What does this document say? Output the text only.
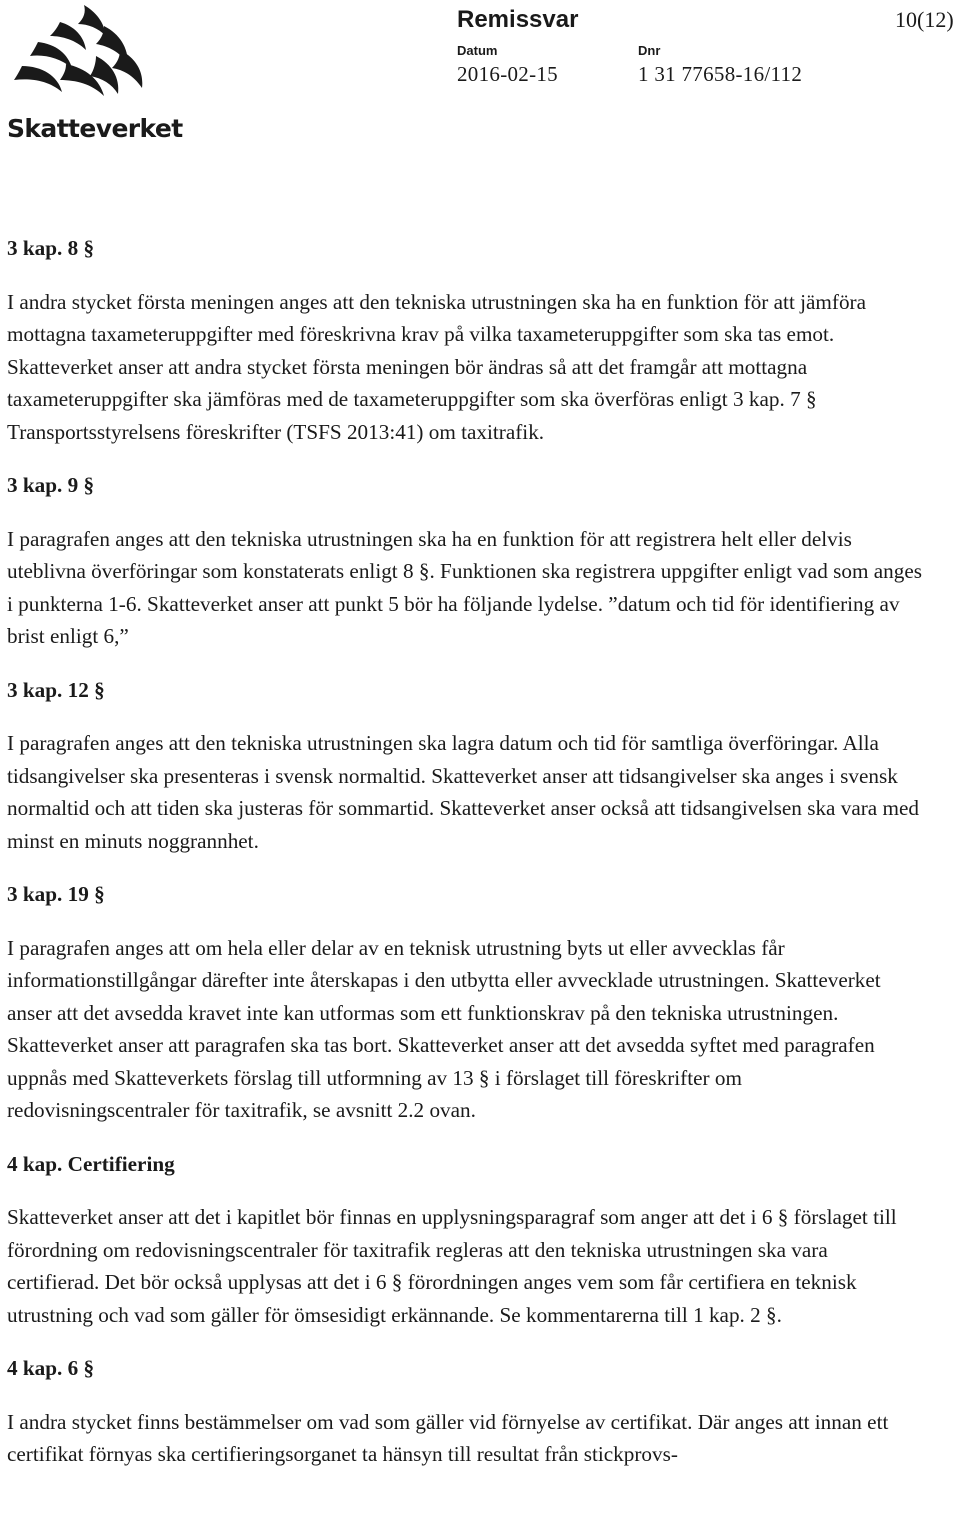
Skatteverket
Remissvar	10(12)
Datum
2016-02-15
Dnr
1 31 77658-16/112
3 kap. 8 §

I andra stycket första meningen anges att den tekniska utrustningen ska ha en funktion för att jämföra mottagna taxameteruppgifter med föreskrivna krav på vilka taxameteruppgifter som ska tas emot. Skatteverket anser att andra stycket första meningen bör ändras så att det framgår att mottagna taxameteruppgifter ska jämföras med de taxameteruppgifter som ska överföras enligt 3 kap. 7 § Transportsstyrelsens föreskrifter (TSFS 2013:41) om taxitrafik.

3 kap. 9 §

I paragrafen anges att den tekniska utrustningen ska ha en funktion för att registrera helt eller delvis uteblivna överföringar som konstaterats enligt 8 §. Funktionen ska registrera uppgifter enligt vad som anges i punkterna 1-6. Skatteverket anser att punkt 5 bör ha följande lydelse. ”datum och tid för identifiering av brist enligt 6,”

3 kap. 12 §

I paragrafen anges att den tekniska utrustningen ska lagra datum och tid för samtliga överföringar. Alla tidsangivelser ska presenteras i svensk normaltid. Skatteverket anser att tidsangivelser ska anges i svensk normaltid och att tiden ska justeras för sommartid. Skatteverket anser också att tidsangivelsen ska vara med minst en minuts noggrannhet.

3 kap. 19 §

I paragrafen anges att om hela eller delar av en teknisk utrustning byts ut eller avvecklas får informationstillgångar därefter inte återskapas i den utbytta eller avvecklade utrustningen. Skatteverket anser att det avsedda kravet inte kan utformas som ett funktionskrav på den tekniska utrustningen. Skatteverket anser att paragrafen ska tas bort. Skatteverket anser att det avsedda syftet med paragrafen uppnås med Skatteverkets förslag till utformning av 13 § i förslaget till föreskrifter om redovisningscentraler för taxitrafik, se avsnitt 2.2 ovan.

4 kap. Certifiering

Skatteverket anser att det i kapitlet bör finnas en upplysningsparagraf som anger att det i 6 § förslaget till förordning om redovisningscentraler för taxitrafik regleras att den tekniska utrustningen ska vara certifierad. Det bör också upplysas att det i 6 § förordningen anges vem som får certifiera en teknisk utrustning och vad som gäller för ömsesidigt erkännande. Se kommentarerna till 1 kap. 2 §.

4 kap. 6 §

I andra stycket finns bestämmelser om vad som gäller vid förnyelse av certifikat. Där anges att innan ett certifikat förnyas ska certifieringsorganet ta hänsyn till resultat från stickprovs-
